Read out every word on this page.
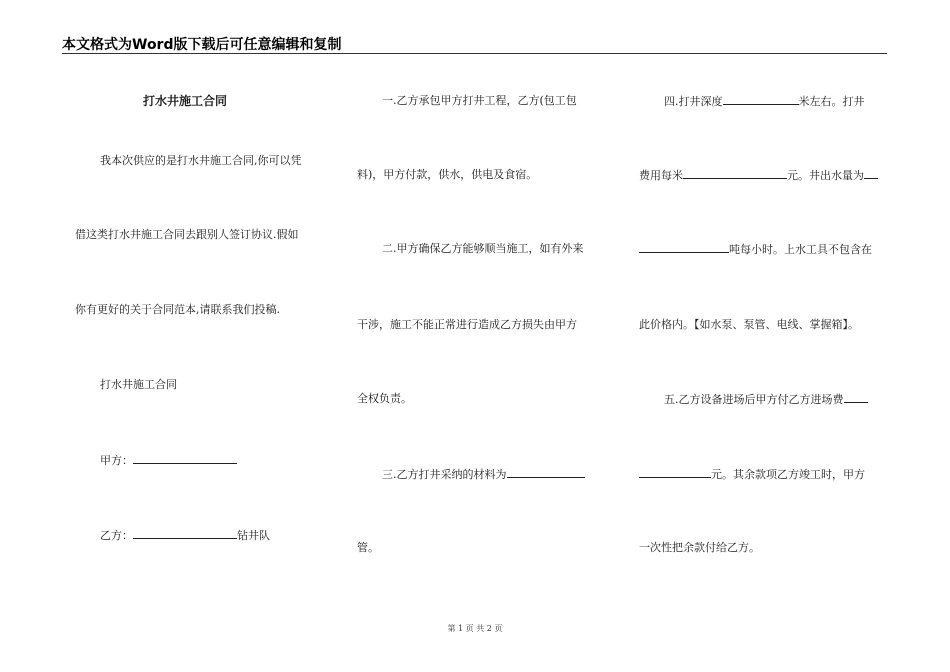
本文格式为Word版下载后可任意编辑和复制
打水井施工合同
我本次供应的是打水井施工合同,你可以凭
借这类打水井施工合同去跟别人签订协议.假如
你有更好的关于合同范本,请联系我们投稿.
打水井施工合同
甲方：
乙方：	钻井队
一.乙方承包甲方打井工程，乙方(包工包
料)，甲方付款，供水，供电及食宿。
二.甲方确保乙方能够顺当施工，如有外来
干涉，施工不能正常进行造成乙方损失由甲方
全权负责。
三.乙方打井采纳的材料为
管。
四.打井深度	米左右。打井
费用每米	元。井出水量为
吨每小时。上水工具不包含在
此价格内。【如水泵、泵管、电线、掌握箱】。
五.乙方设备进场后甲方付乙方进场费
元。其余款项乙方竣工时，甲方
一次性把余款付给乙方。
第 1 页 共 2 页
